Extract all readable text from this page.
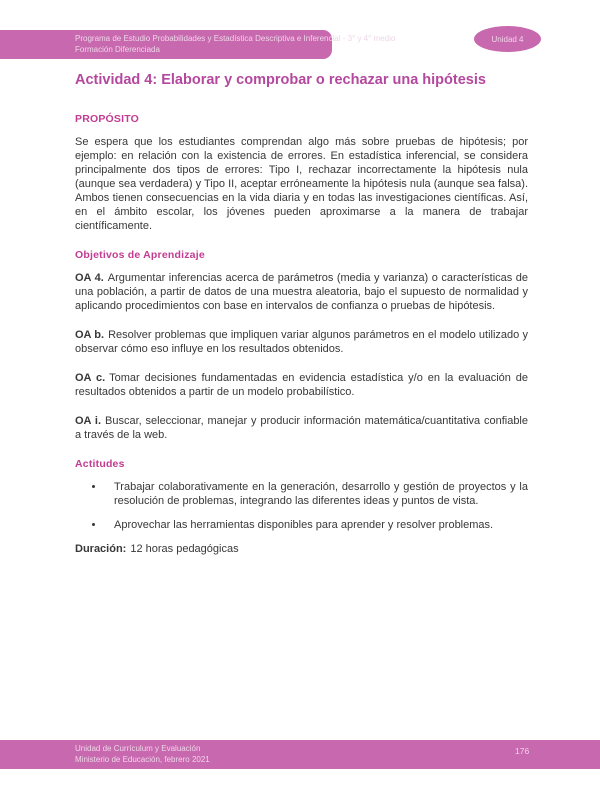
Programa de Estudio Probabilidades y Estadística Descriptiva e Inferencial - 3° y 4° medio
Formación Diferenciada
Unidad 4
Actividad 4: Elaborar y comprobar o rechazar una hipótesis
PROPÓSITO

Se espera que los estudiantes comprendan algo más sobre pruebas de hipótesis; por ejemplo: en relación con la existencia de errores. En estadística inferencial, se considera principalmente dos tipos de errores: Tipo I, rechazar incorrectamente la hipótesis nula (aunque sea verdadera) y Tipo II, aceptar erróneamente la hipótesis nula (aunque sea falsa). Ambos tienen consecuencias en la vida diaria y en todas las investigaciones científicas. Así, en el ámbito escolar, los jóvenes pueden aproximarse a la manera de trabajar científicamente.

Objetivos de Aprendizaje

OA 4. Argumentar inferencias acerca de parámetros (media y varianza) o características de una población, a partir de datos de una muestra aleatoria, bajo el supuesto de normalidad y aplicando procedimientos con base en intervalos de confianza o pruebas de hipótesis.

OA b. Resolver problemas que impliquen variar algunos parámetros en el modelo utilizado y observar cómo eso influye en los resultados obtenidos.

OA c. Tomar decisiones fundamentadas en evidencia estadística y/o en la evaluación de resultados obtenidos a partir de un modelo probabilístico.

OA i. Buscar, seleccionar, manejar y producir información matemática/cuantitativa confiable a través de la web.

Actitudes
• Trabajar colaborativamente en la generación, desarrollo y gestión de proyectos y la resolución de problemas, integrando las diferentes ideas y puntos de vista.
• Aprovechar las herramientas disponibles para aprender y resolver problemas.

Duración: 12 horas pedagógicas

Unidad de Currículum y Evaluación
Ministerio de Educación, febrero 2021
176
